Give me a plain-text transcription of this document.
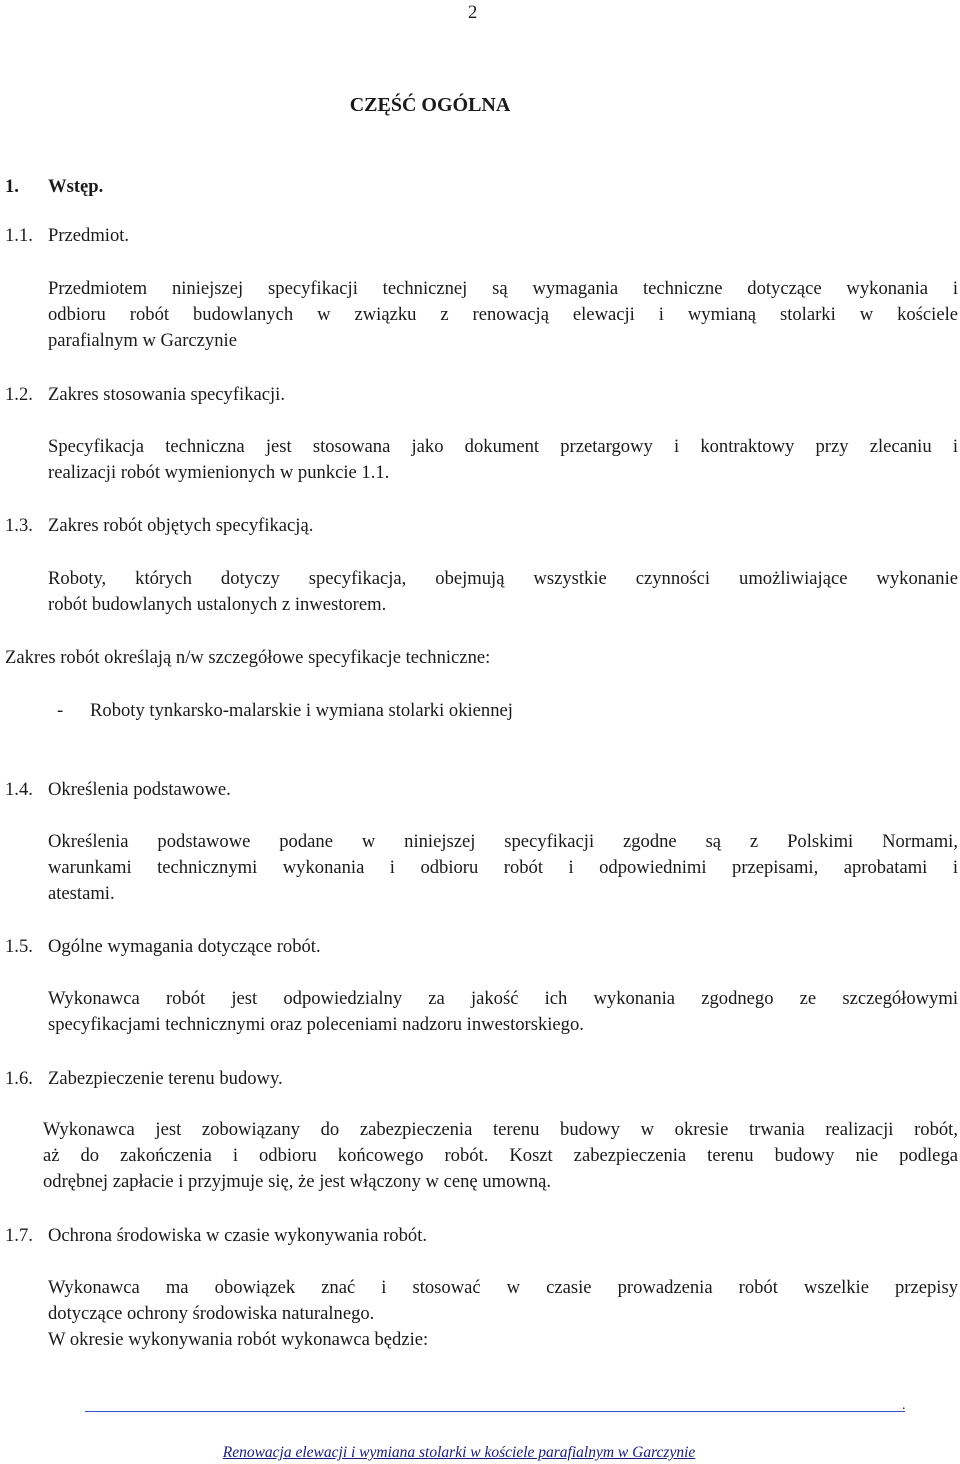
2
CZĘŚĆ OGÓLNA
1. Wstęp.
1.1. Przedmiot.
Przedmiotem niniejszej specyfikacji technicznej są wymagania techniczne dotyczące wykonania i
odbioru robót budowlanych w związku z renowacją elewacji i wymianą stolarki w kościele
parafialnym w Garczynie
1.2. Zakres stosowania specyfikacji.
Specyfikacja techniczna jest stosowana jako dokument przetargowy i kontraktowy przy zlecaniu i
realizacji robót wymienionych w punkcie 1.1.
1.3. Zakres robót objętych specyfikacją.
Roboty, których dotyczy specyfikacja, obejmują wszystkie czynności umożliwiające wykonanie
robót budowlanych ustalonych z inwestorem.
Zakres robót określają n/w szczegółowe specyfikacje techniczne:
- Roboty tynkarsko-malarskie i wymiana stolarki okiennej
1.4. Określenia podstawowe.
Określenia podstawowe podane w niniejszej specyfikacji zgodne są z Polskimi Normami,
warunkami technicznymi wykonania i odbioru robót i odpowiednimi przepisami, aprobatami i
atestami.
1.5. Ogólne wymagania dotyczące robót.
Wykonawca robót jest odpowiedzialny za jakość ich wykonania zgodnego ze szczegółowymi
specyfikacjami technicznymi oraz poleceniami nadzoru inwestorskiego.
1.6. Zabezpieczenie terenu budowy.
Wykonawca jest zobowiązany do zabezpieczenia terenu budowy w okresie trwania realizacji robót,
aż do zakończenia i odbioru końcowego robót. Koszt zabezpieczenia terenu budowy nie podlega
odrębnej zapłacie i przyjmuje się, że jest włączony w cenę umowną.
1.7. Ochrona środowiska w czasie wykonywania robót.
Wykonawca ma obowiązek znać i stosować w czasie prowadzenia robót wszelkie przepisy
dotyczące ochrony środowiska naturalnego.
W okresie wykonywania robót wykonawca będzie:
.
Renowacja elewacji i wymiana stolarki w kościele parafialnym w Garczynie
